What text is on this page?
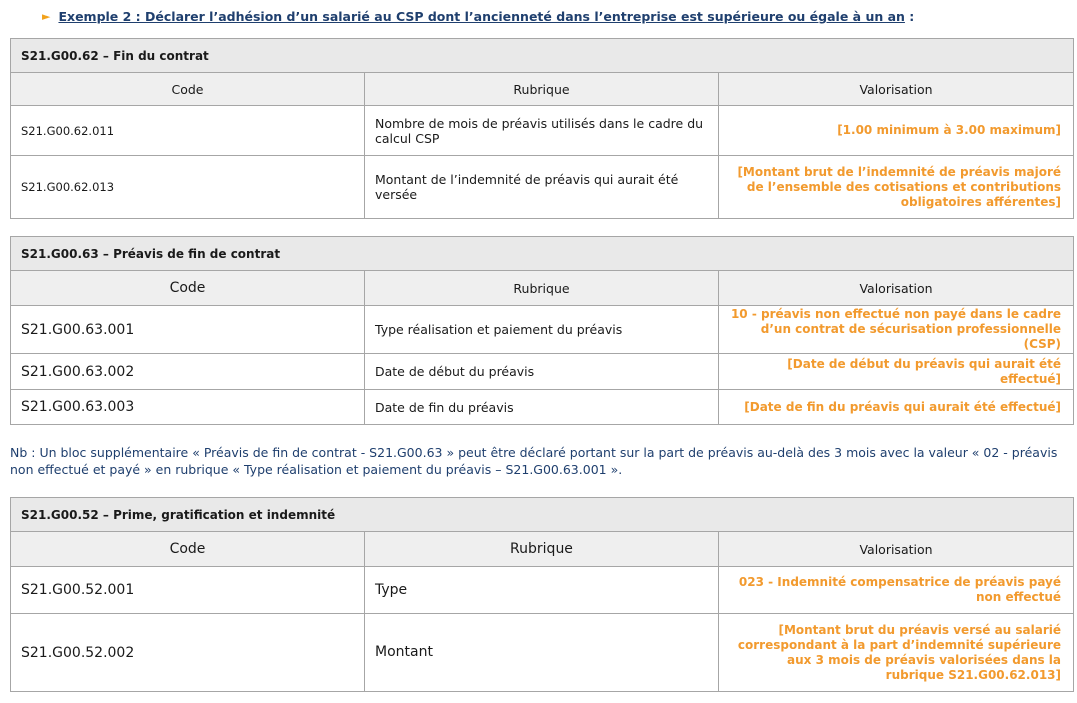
► Exemple 2 : Déclarer l’adhésion d’un salarié au CSP dont l’ancienneté dans l’entreprise est supérieure ou égale à un an :
S21.G00.62 – Fin du contrat		
Code	Rubrique	Valorisation
S21.G00.62.011	Nombre de mois de préavis utilisés dans le cadre du calcul CSP	[1.00 minimum à 3.00 maximum]
S21.G00.62.013	Montant de l’indemnité de préavis qui aurait été versée	[Montant brut de l’indemnité de préavis majoré de l’ensemble des cotisations et contributions obligatoires afférentes]
S21.G00.63 – Préavis de fin de contrat		
Code	Rubrique	Valorisation
S21.G00.63.001	Type réalisation et paiement du préavis	10 - préavis non effectué non payé dans le cadre d’un contrat de sécurisation professionnelle (CSP)
S21.G00.63.002	Date de début du préavis	[Date de début du préavis qui aurait été effectué]
S21.G00.63.003	Date de fin du préavis	[Date de fin du préavis qui aurait été effectué]
Nb : Un bloc supplémentaire « Préavis de fin de contrat - S21.G00.63 » peut être déclaré portant sur la part de préavis au-delà des 3 mois avec la valeur « 02 - préavis non effectué et payé » en rubrique « Type réalisation et paiement du préavis – S21.G00.63.001 ».
S21.G00.52 – Prime, gratification et indemnité		
Code	Rubrique	Valorisation
S21.G00.52.001	Type	023 - Indemnité compensatrice de préavis payé non effectué
S21.G00.52.002	Montant	[Montant brut du préavis versé au salarié correspondant à la part d’indemnité supérieure aux 3 mois de préavis valorisées dans la rubrique S21.G00.62.013]
